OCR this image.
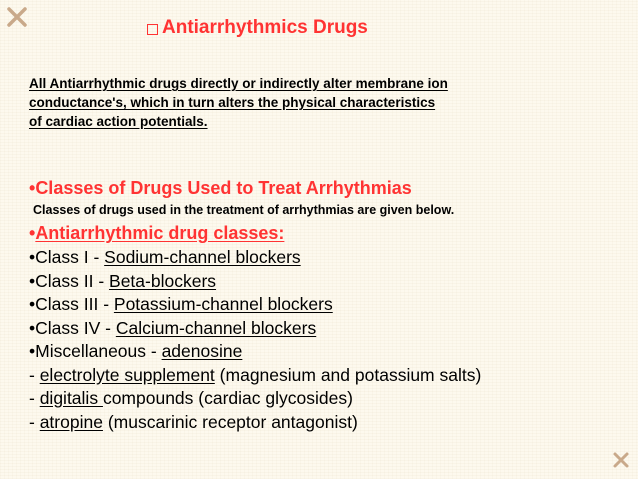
Antiarrhythmics Drugs
All Antiarrhythmic drugs directly or indirectly alter membrane ion
conductance's, which in turn alters the physical characteristics
of cardiac action potentials.
•Classes of Drugs Used to Treat Arrhythmias
Classes of drugs used in the treatment of arrhythmias are given below.
•Antiarrhythmic drug classes:
•Class I - Sodium-channel blockers
•Class II - Beta-blockers
•Class III - Potassium-channel blockers
•Class IV - Calcium-channel blockers
•Miscellaneous - adenosine
- electrolyte supplement (magnesium and potassium salts)
- digitalis compounds (cardiac glycosides)
- atropine (muscarinic receptor antagonist)
